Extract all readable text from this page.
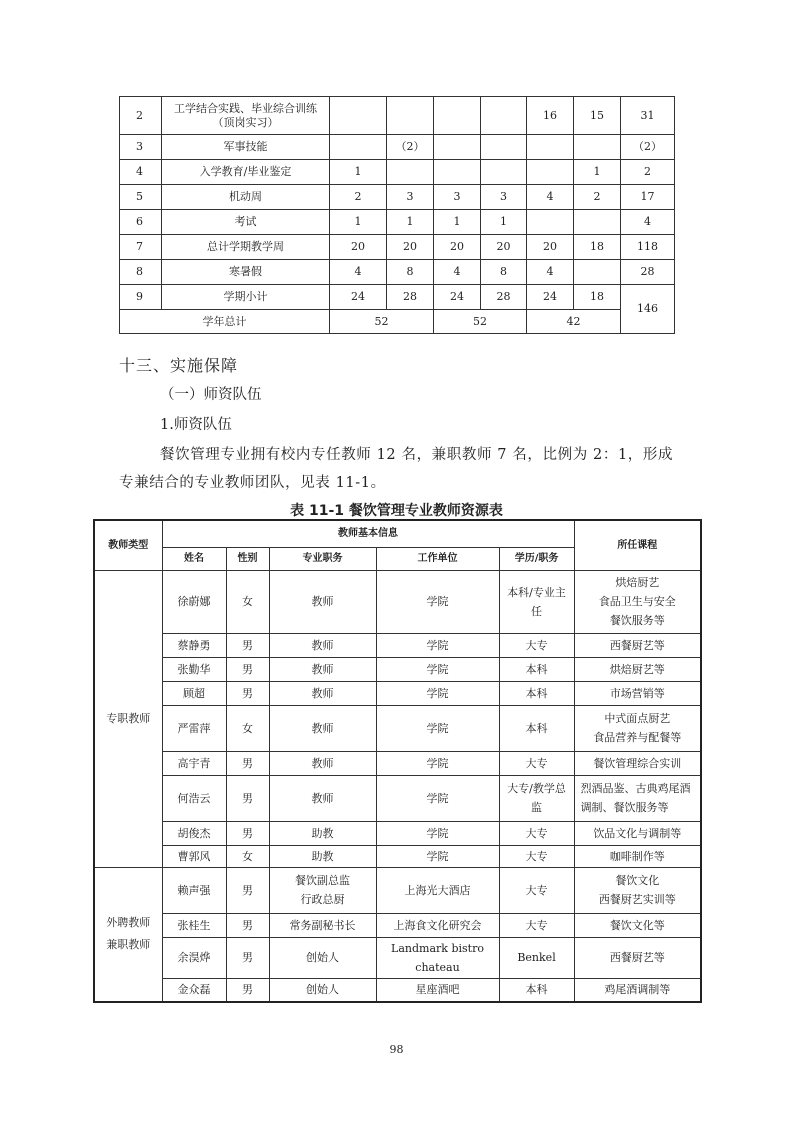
2	工学结合实践、毕业综合训练（顶岗实习）					16	15	31
3	军事技能		（2）					（2）
4	入学教育/毕业鉴定	1					1	2
5	机动周	2	3	3	3	4	2	17
6	考试	1	1	1	1			4
7	总计学期教学周	20	20	20	20	20	18	118
8	寒暑假	4	8	4	8	4		28
9	学期小计	24	28	24	28	24	18	146
学年总计		52		52		42		
十三、实施保障
（一）师资队伍
1.师资队伍
餐饮管理专业拥有校内专任教师 12 名，兼职教师 7 名，比例为 2：1，形成专兼结合的专业教师团队，见表 11-1。
表 11-1 餐饮管理专业教师资源表
教师类型	教师基本信息					所任课程
	姓名	性别	专业职务	工作单位	学历/职务	
专职教师	徐蔚娜	女	教师	学院	本科/专业主任	烘焙厨艺
食品卫生与安全
餐饮服务等
	蔡静勇	男	教师	学院	大专	西餐厨艺等
	张勤华	男	教师	学院	本科	烘焙厨艺等
	顾超	男	教师	学院	本科	市场营销等
	严雷萍	女	教师	学院	本科	中式面点厨艺
食品营养与配餐等
	高宇青	男	教师	学院	大专	餐饮管理综合实训
	何浩云	男	教师	学院	大专/教学总监	烈酒品鉴、古典鸡尾酒调制、餐饮服务等
	胡俊杰	男	助教	学院	大专	饮品文化与调制等
	曹郭风	女	助教	学院	大专	咖啡制作等
外聘教师
兼职教师	赖声强	男	餐饮副总监
行政总厨	上海光大酒店	大专	餐饮文化
西餐厨艺实训等
	张桂生	男	常务副秘书长	上海食文化研究会	大专	餐饮文化等
	余淏烨	男	创始人	Landmark bistro chateau	Benkel	西餐厨艺等
	金众磊	男	创始人	星座酒吧	本科	鸡尾酒调制等
98
